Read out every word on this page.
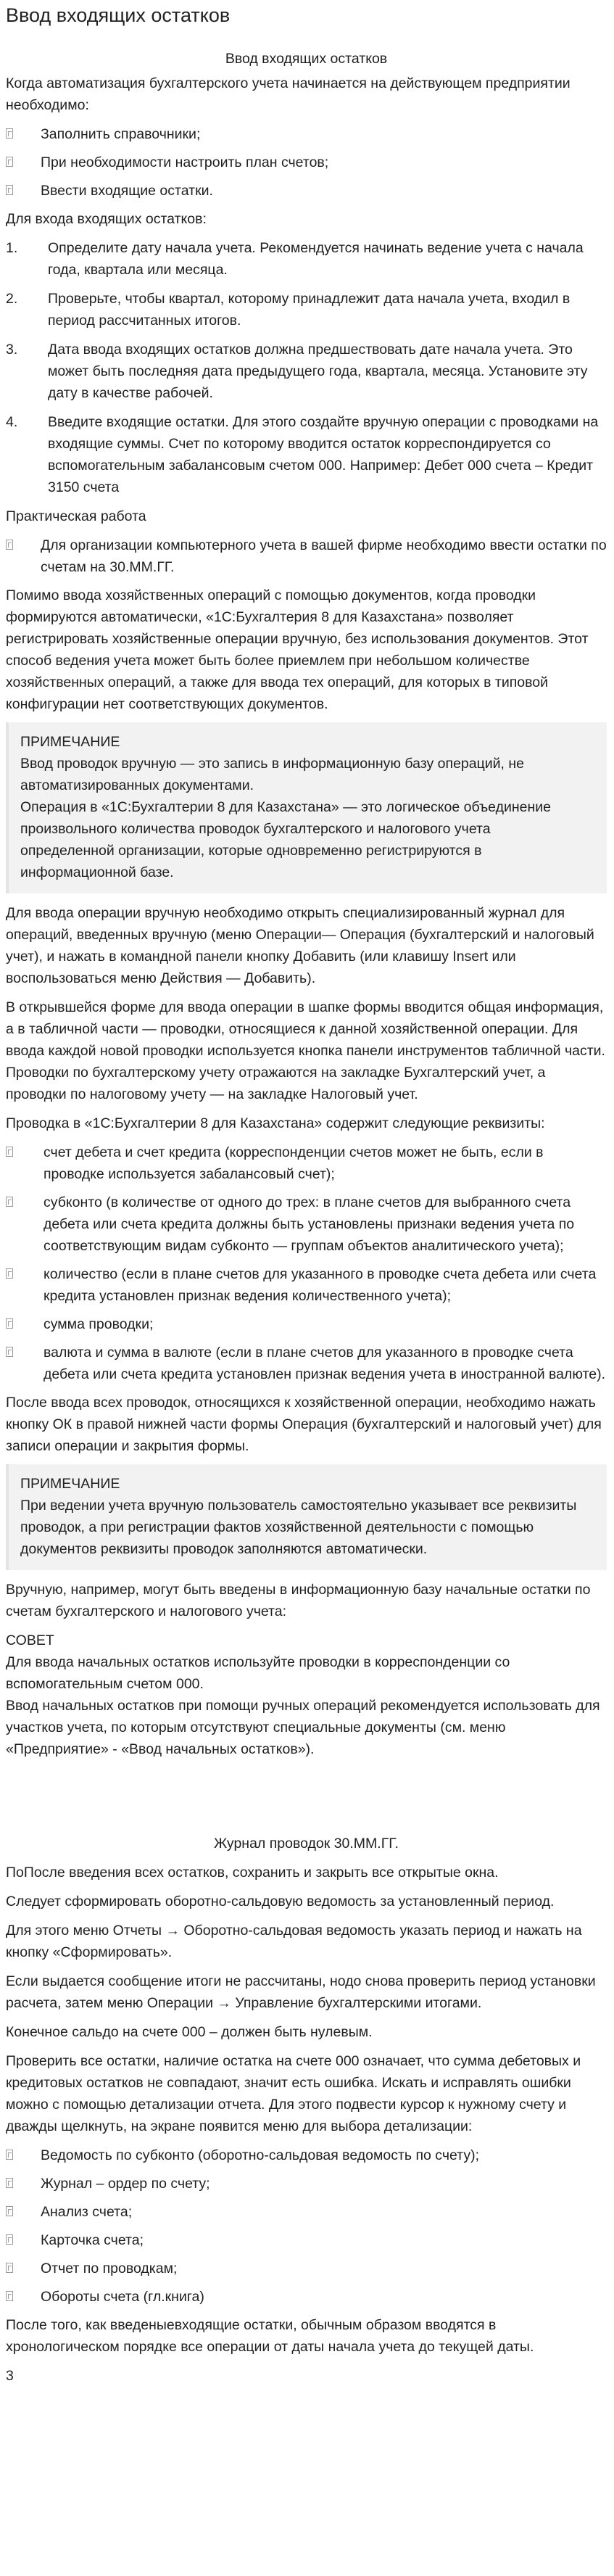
Ввод входящих остатков

Ввод входящих остатков

Когда автоматизация бухгалтерского учета начинается на действующем предприятии необходимо:

Заполнить справочники;
При необходимости настроить план счетов;
Ввести входящие остатки.

Для входа входящих остатков:

1.	Определите дату начала учета. Рекомендуется начинать ведение учета с начала года, квартала или месяца.
2.	Проверьте, чтобы квартал, которому принадлежит дата начала учета, входил в период рассчитанных итогов.
3.	Дата ввода входящих остатков должна предшествовать дате начала учета. Это может быть последняя дата предыдущего года, квартала, месяца. Установите эту дату в качестве рабочей.
4.	Введите входящие остатки. Для этого создайте вручную операции с проводками на входящие суммы. Счет по которому вводится остаток корреспондируется со вспомогательным забалансовым счетом 000. Например: Дебет 000 счета – Кредит 3150 счета

Практическая работа

Для организации компьютерного учета в вашей фирме необходимо ввести остатки по счетам на 30.ММ.ГГ.

Помимо ввода хозяйственных операций с помощью документов, когда проводки формируются автоматически, «1С:Бухгалтерия 8 для Казахстана» позволяет регистрировать хозяйственные операции вручную, без использования документов. Этот способ ведения учета может быть более приемлем при небольшом количестве хозяйственных операций, а также для ввода тех операций, для которых в типовой конфигурации нет соответствующих документов.

ПРИМЕЧАНИЕ
Ввод проводок вручную — это запись в информационную базу операций, не автоматизированных документами.
Операция в «1С:Бухгалтерии 8 для Казахстана» — это логическое объединение произвольного количества проводок бухгалтерского и налогового учета определенной организации, которые одновременно регистрируются в информационной базе.

Для ввода операции вручную необходимо открыть специализированный журнал для операций, введенных вручную (меню Операции— Операция (бухгалтерский и налоговый учет), и нажать в командной панели кнопку Добавить (или клавишу Insert или воспользоваться меню Действия — Добавить).

В открывшейся форме для ввода операции в шапке формы вводится общая информация, а в табличной части — проводки, относящиеся к данной хозяйственной операции. Для ввода каждой новой проводки используется кнопка панели инструментов табличной части. Проводки по бухгалтерскому учету отражаются на закладке Бухгалтерский учет, а проводки по налоговому учету — на закладке Налоговый учет.

Проводка в «1С:Бухгалтерии 8 для Казахстана» содержит следующие реквизиты:

счет дебета и счет кредита (корреспонденции счетов может не быть, если в проводке используется забалансовый счет);
субконто (в количестве от одного до трех: в плане счетов для выбранного счета дебета или счета кредита должны быть установлены признаки ведения учета по соответствующим видам субконто — группам объектов аналитического учета);
количество (если в плане счетов для указанного в проводке счета дебета или счета кредита установлен признак ведения количественного учета);
сумма проводки;
валюта и сумма в валюте (если в плане счетов для указанного в проводке счета дебета или счета кредита установлен признак ведения учета в иностранной валюте).

После ввода всех проводок, относящихся к хозяйственной операции, необходимо нажать кнопку ОК в правой нижней части формы Операция (бухгалтерский и налоговый учет) для записи операции и закрытия формы.

ПРИМЕЧАНИЕ
При ведении учета вручную пользователь самостоятельно указывает все реквизиты проводок, а при регистрации фактов хозяйственной деятельности с помощью документов реквизиты проводок заполняются автоматически.

Вручную, например, могут быть введены в информационную базу начальные остатки по счетам бухгалтерского и налогового учета:

СОВЕТ
Для ввода начальных остатков используйте проводки в корреспонденции со вспомогательным счетом 000.
Ввод начальных остатков при помощи ручных операций рекомендуется использовать для участков учета, по которым отсутствуют специальные документы (см. меню «Предприятие» - «Ввод начальных остатков»).

Журнал проводок 30.ММ.ГГ.

ПоПосле введения всех остатков, сохранить и закрыть все открытые окна.

Следует сформировать оборотно-сальдовую ведомость за установленный период.

Для этого меню Отчеты → Оборотно-сальдовая ведомость указать период и нажать на кнопку «Сформировать».

Если выдается сообщение итоги не рассчитаны, нодо снова проверить период установки расчета, затем меню Операции → Управление бухгалтерскими итогами.

Конечное сальдо на счете 000 – должен быть нулевым.

Проверить все остатки, наличие остатка на счете 000 означает, что сумма дебетовых и кредитовых остатков не совпадают, значит есть ошибка. Искать и исправлять ошибки можно с помощью детализации отчета. Для этого подвести курсор к нужному счету и дважды щелкнуть, на экране появится меню для выбора детализации:

Ведомость по субконто (оборотно-сальдовая ведомость по счету);
Журнал – ордер по счету;
Анализ счета;
Карточка счета;
Отчет по проводкам;
Обороты счета (гл.книга)

После того, как введеныевходящие остатки, обычным образом вводятся в хронологическом порядке все операции от даты начала учета до текущей даты.

3
